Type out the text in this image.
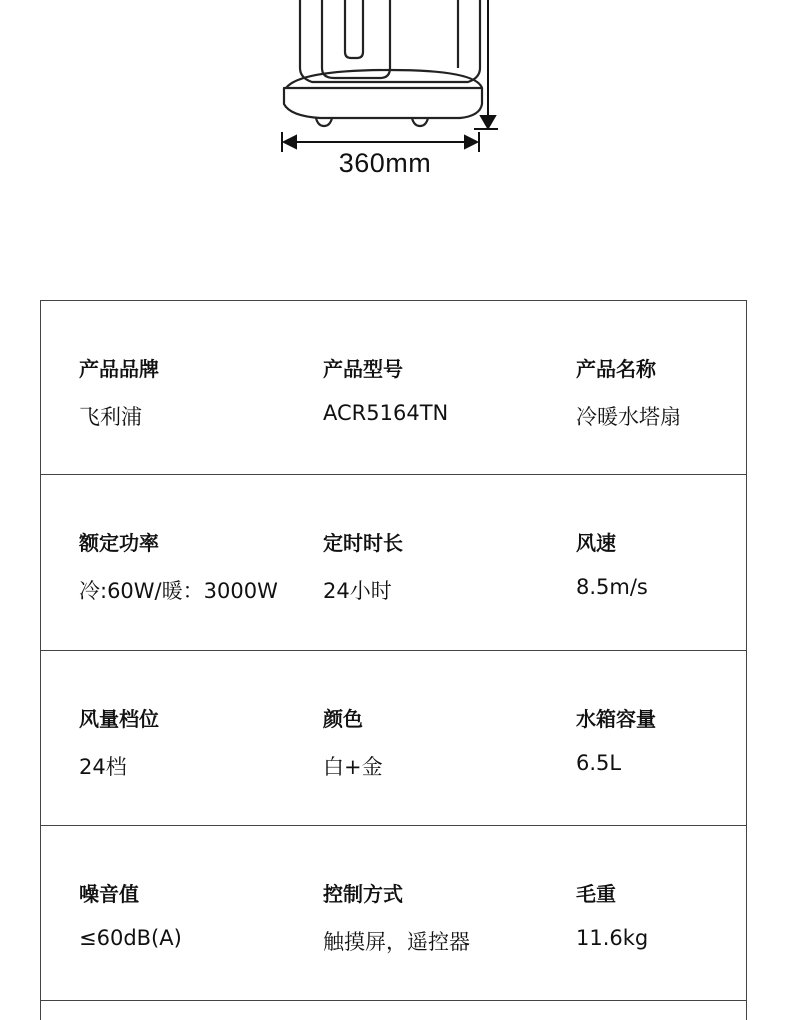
360mm
产品品牌
飞利浦
产品型号
ACR5164TN
产品名称
冷暖水塔扇
额定功率
冷:60W/暖：3000W
定时时长
24小时
风速
8.5m/s
风量档位
24档
颜色
白+金
水箱容量
6.5L
噪音值
≤60dB(A)
控制方式
触摸屏，遥控器
毛重
11.6kg
